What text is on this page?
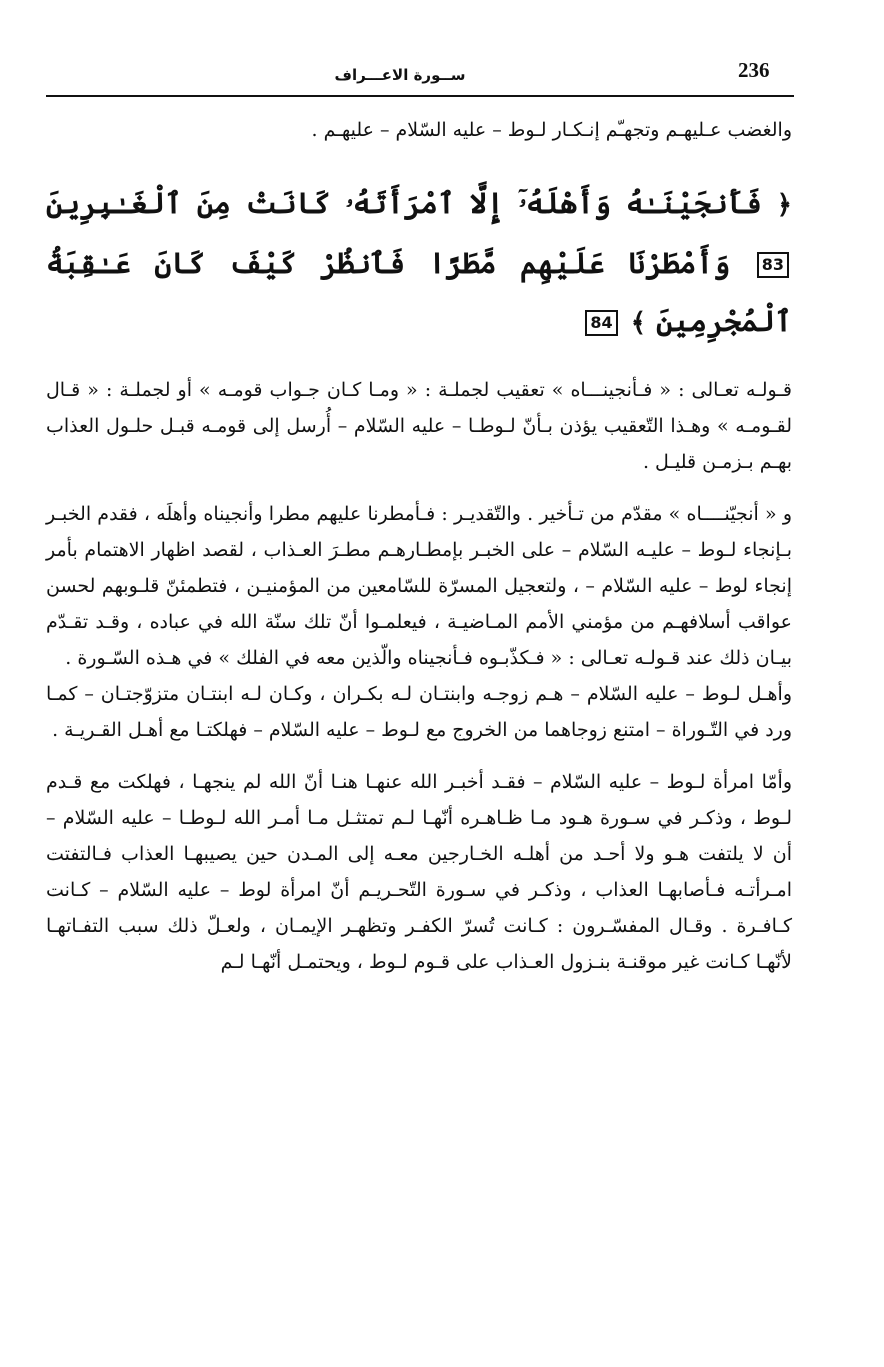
236
ســورة الاعـــراف

والغضب عـليهـم وتجهـّم إنـكـار لـوط – عليه السّلام – عليهـم .

﴿ فَأَنجَيْنَـٰهُ وَأَهْلَهُۥٓ إِلَّا ٱمْرَأَتَهُۥ كَانَتْ مِنَ ٱلْغَـٰبِرِينَ 83 وَأَمْطَرْنَا عَلَيْهِم مَّطَرًا فَٱنظُرْ كَيْفَ كَانَ عَـٰقِبَةُ ٱلْمُجْرِمِينَ ﴾ 84

قـولـه تعـالى : « فـأنجينـــاه » تعقيب لجملـة : « ومـا كـان جـواب قومـه » أو لجملـة : « قـال لقـومـه » وهـذا التّعقيب يؤذن بـأنّ لـوطـا – عليه السّلام – أُرسل إلى قومـه قبـل حلـول العذاب بهـم بـزمـن قليـل .

و « أنجيّنــــاه » مقدّم من تـأخير . والتّقديـر : فـأمطرنا عليهم مطرا وأنجيناه وأهلَه ، فقدم الخبـر بـإنجاء لـوط – عليـه السّلام – على الخبـر بإمطـارهـم مطـرَ العـذاب ، لقصد اظهار الاهتمام بأمر إنجاء لوط – عليه السّلام – ، ولتعجيل المسرّة للسّامعين من المؤمنيـن ، فتطمئنّ قلـوبهم لحسن عواقب أسلافهـم من مؤمني الأمم المـاضيـة ، فيعلمـوا أنّ تلك سنّة الله في عباده ، وقـد تقـدّم بيـان ذلك عند قـولـه تعـالى : « فـكذّبـوه فـأنجيناه والّذين معه في الفلك » في هـذه السّـورة .

وأهـل لـوط – عليه السّلام – هـم زوجـه وابنتـان لـه بكـران ، وكـان لـه ابنتـان متزوّجتـان – كمـا ورد في التّـوراة – امتنع زوجاهما من الخروج مع لـوط – عليه السّلام – فهلكتـا مع أهـل القـريـة .

وأمّا امرأة لـوط – عليه السّلام – فقـد أخبـر الله عنهـا هنـا أنّ الله لم ينجهـا ، فهلكت مع قـدم لـوط ، وذكـر في سـورة هـود مـا ظـاهـره أنّهـا لـم تمتثـل مـا أمـر الله لـوطـا – عليه السّلام – أن لا يلتفت هـو ولا أحـد من أهلـه الخـارجين معـه إلى المـدن حين يصيبهـا العذاب فـالتفتت امـرأتـه فـأصابهـا العذاب ، وذكـر في سـورة التّحـريـم أنّ امرأة لوط – عليه السّلام – كـانت كـافـرة . وقـال المفسّـرون : كـانت تُسرّ الكفـر وتظهـر الإيمـان ، ولعـلّ ذلك سبب التفـاتهـا لأنّهـا كـانت غير موقنـة بنـزول العـذاب على قـوم لـوط ، ويحتمـل أنّهـا لـم
